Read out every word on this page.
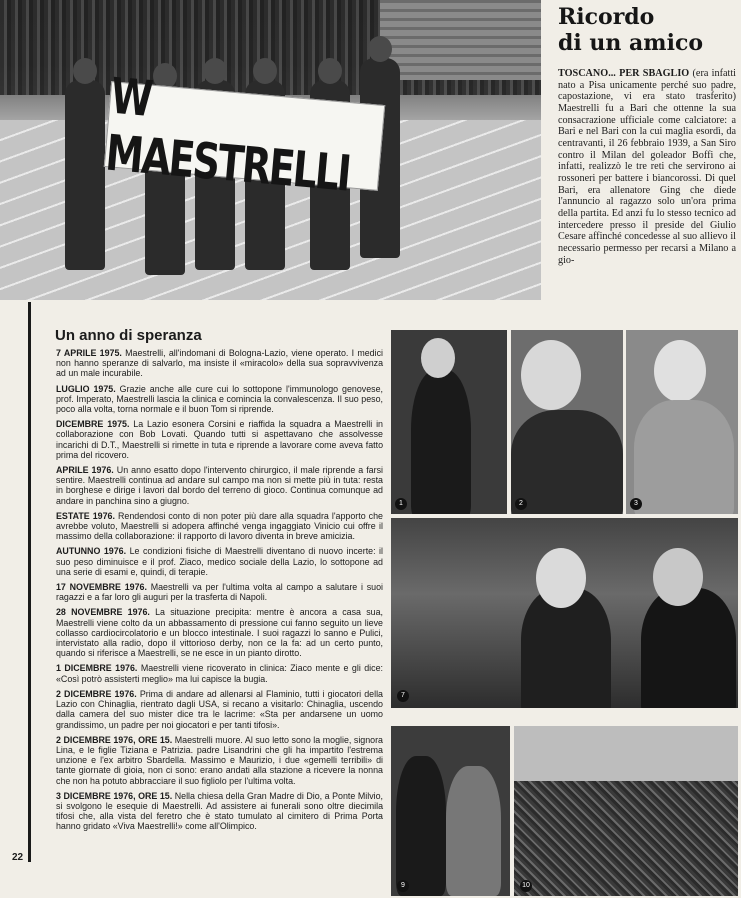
W MAESTRELLI
Ricordo
di un amico
TOSCANO... PER SBAGLIO (era infatti nato a Pisa unicamente perché suo padre, capostazione, vi era stato trasferito) Maestrelli fu a Bari che ottenne la sua consacrazione ufficiale come calciatore: a Bari e nel Bari con la cui maglia esordì, da centravanti, il 26 febbraio 1939, a San Siro contro il Milan del goleador Boffi che, infatti, realizzò le tre reti che servirono ai rossoneri per battere i biancorossi. Di quel Bari, era allenatore Ging che diede l'annuncio al ragazzo solo un'ora prima della partita. Ed anzi fu lo stesso tecnico ad intercedere presso il preside del Giulio Cesare affinché concedesse al suo allievo il necessario permesso per recarsi a Milano a gio-
22
Un anno di speranza

7 APRILE 1975. Maestrelli, all'indomani di Bologna-Lazio, viene operato. I medici non hanno speranze di salvarlo, ma insiste il «miracolo» della sua sopravvivenza ad un male incurabile.

LUGLIO 1975. Grazie anche alle cure cui lo sottopone l'immunologo genovese, prof. Imperato, Maestrelli lascia la clinica e comincia la convalescenza. Il suo peso, poco alla volta, torna normale e il buon Tom si riprende.

DICEMBRE 1975. La Lazio esonera Corsini e riaffida la squadra a Maestrelli in collaborazione con Bob Lovati. Quando tutti si aspettavano che assolvesse incarichi di D.T., Maestrelli si rimette in tuta e riprende a lavorare come aveva fatto prima del ricovero.

APRILE 1976. Un anno esatto dopo l'intervento chirurgico, il male riprende a farsi sentire. Maestrelli continua ad andare sul campo ma non si mette più in tuta: resta in borghese e dirige i lavori dal bordo del terreno di gioco. Continua comunque ad andare in panchina sino a giugno.

ESTATE 1976. Rendendosi conto di non poter più dare alla squadra l'apporto che avrebbe voluto, Maestrelli si adopera affinché venga ingaggiato Vinicio cui offre il massimo della collaborazione: il rapporto di lavoro diventa in breve amicizia.

AUTUNNO 1976. Le condizioni fisiche di Maestrelli diventano di nuovo incerte: il suo peso diminuisce e il prof. Ziaco, medico sociale della Lazio, lo sottopone ad una serie di esami e, quindi, di terapie.

17 NOVEMBRE 1976. Maestrelli va per l'ultima volta al campo a salutare i suoi ragazzi e a far loro gli auguri per la trasferta di Napoli.

28 NOVEMBRE 1976. La situazione precipita: mentre è ancora a casa sua, Maestrelli viene colto da un abbassamento di pressione cui fanno seguito un lieve collasso cardiocircolatorio e un blocco intestinale. I suoi ragazzi lo sanno e Pulici, intervistato alla radio, dopo il vittorioso derby, non ce la fa: ad un certo punto, quando si riferisce a Maestrelli, se ne esce in un pianto dirotto.

1 DICEMBRE 1976. Maestrelli viene ricoverato in clinica: Ziaco mente e gli dice: «Così potrò assisterti meglio» ma lui capisce la bugia.

2 DICEMBRE 1976. Prima di andare ad allenarsi al Flaminio, tutti i giocatori della Lazio con Chinaglia, rientrato dagli USA, si recano a visitarlo: Chinaglia, uscendo dalla camera del suo mister dice tra le lacrime: «Sta per andarsene un uomo grandissimo, un padre per noi giocatori e per tanti tifosi».

2 DICEMBRE 1976, ORE 15. Maestrelli muore. Al suo letto sono la moglie, signora Lina, e le figlie Tiziana e Patrizia. padre Lisandrini che gli ha impartito l'estrema unzione e l'ex arbitro Sbardella. Massimo e Maurizio, i due «gemelli terribili» di tante giornate di gioia, non ci sono: erano andati alla stazione a ricevere la nonna che non ha potuto abbracciare il suo figliolo per l'ultima volta.

3 DICEMBRE 1976, ORE 15. Nella chiesa della Gran Madre di Dio, a Ponte Milvio, si svolgono le esequie di Maestrelli. Ad assistere ai funerali sono oltre diecimila tifosi che, alla vista del feretro che è stato tumulato al cimitero di Prima Porta hanno gridato «Viva Maestrelli!» come all'Olimpico.

1	2	3
7
9	10
